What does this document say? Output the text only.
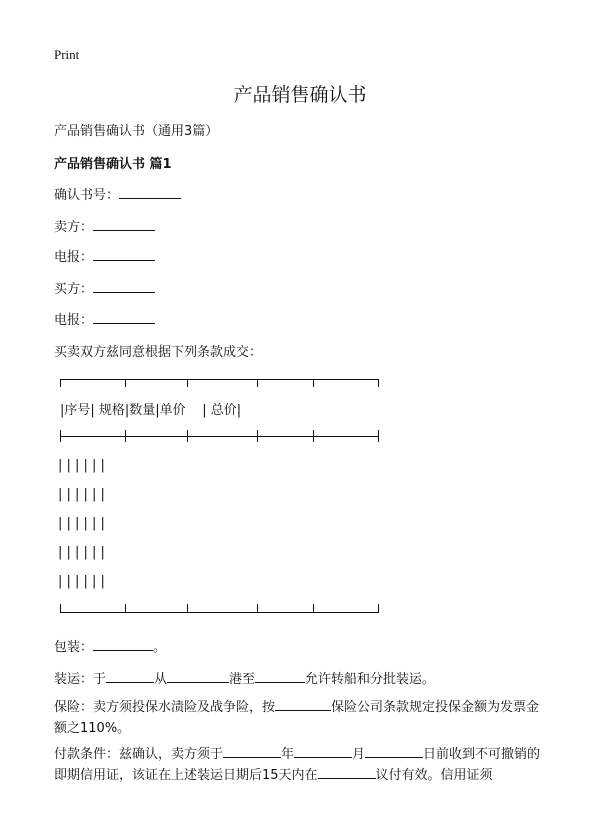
Print
产品销售确认书
产品销售确认书（通用3篇）
产品销售确认书 篇1
确认书号：
卖方：
电报：
买方：
电报：
买卖双方兹同意根据下列条款成交：
|序号| 规格|数量|单价 | 总价|
| | | | | |
| | | | | |
| | | | | |
| | | | | |
| | | | | |
包装：	。
装运：于	从	港至	允许转船和分批装运。
保险：卖方须投保水渍险及战争险，按	保险公司条款规定投保金额为发票金额之110%。
付款条件：兹确认，卖方须于	年	月	日前收到不可撤销的即期信用证，该证在上述装运日期后15天内在	议付有效。信用证须
